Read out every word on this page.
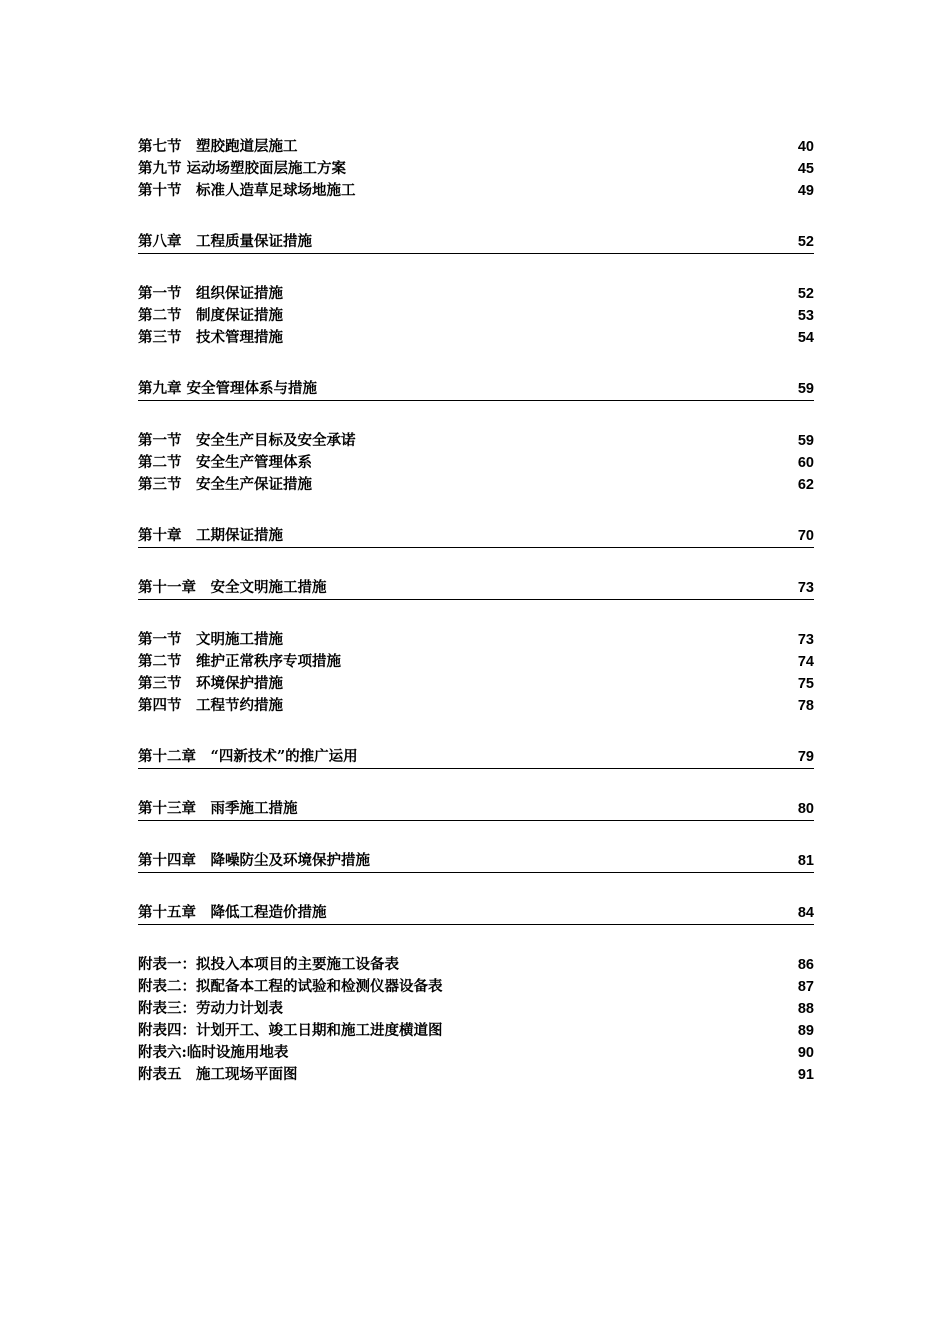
第七节　塑胶跑道层施工	40
第九节 运动场塑胶面层施工方案	45
第十节　标准人造草足球场地施工	49
第八章　工程质量保证措施	52
第一节　组织保证措施	52
第二节　制度保证措施	53
第三节　技术管理措施	54
第九章 安全管理体系与措施	59
第一节　安全生产目标及安全承诺	59
第二节　安全生产管理体系	60
第三节　安全生产保证措施	62
第十章　工期保证措施	70
第十一章　安全文明施工措施	73
第一节　文明施工措施	73
第二节　维护正常秩序专项措施	74
第三节　环境保护措施	75
第四节　工程节约措施	78
第十二章　“四新技术”的推广运用	79
第十三章　雨季施工措施	80
第十四章　降噪防尘及环境保护措施	81
第十五章　降低工程造价措施	84
附表一：拟投入本项目的主要施工设备表	86
附表二：拟配备本工程的试验和检测仪器设备表	87
附表三：劳动力计划表	88
附表四：计划开工、竣工日期和施工进度横道图	89
附表六:临时设施用地表	90
附表五　施工现场平面图	91
